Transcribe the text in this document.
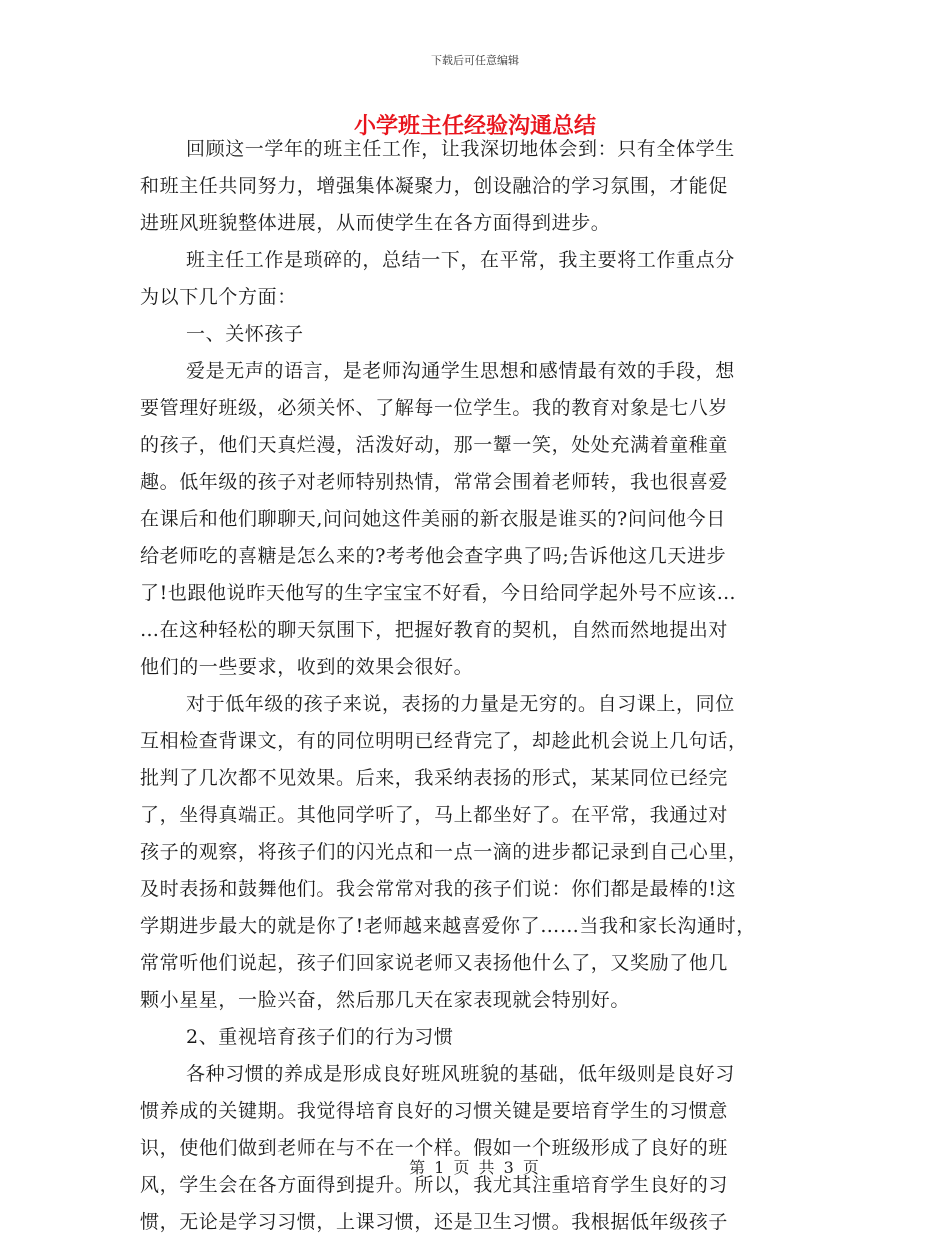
下载后可任意编辑
小学班主任经验沟通总结
回顾这一学年的班主任工作，让我深切地体会到：只有全体学生
和班主任共同努力，增强集体凝聚力，创设融洽的学习氛围，才能促
进班风班貌整体进展，从而使学生在各方面得到进步。
班主任工作是琐碎的，总结一下，在平常，我主要将工作重点分
为以下几个方面：
一、关怀孩子
爱是无声的语言，是老师沟通学生思想和感情最有效的手段，想
要管理好班级，必须关怀、了解每一位学生。我的教育对象是七八岁
的孩子，他们天真烂漫，活泼好动，那一颦一笑，处处充满着童稚童
趣。低年级的孩子对老师特别热情，常常会围着老师转，我也很喜爱
在课后和他们聊聊天,问问她这件美丽的新衣服是谁买的?问问他今日
给老师吃的喜糖是怎么来的?考考他会查字典了吗;告诉他这几天进步
了!也跟他说昨天他写的生字宝宝不好看，今日给同学起外号不应该…
…在这种轻松的聊天氛围下，把握好教育的契机，自然而然地提出对
他们的一些要求，收到的效果会很好。
对于低年级的孩子来说，表扬的力量是无穷的。自习课上，同位
互相检查背课文，有的同位明明已经背完了，却趁此机会说上几句话，
批判了几次都不见效果。后来，我采纳表扬的形式，某某同位已经完
了，坐得真端正。其他同学听了，马上都坐好了。在平常，我通过对
孩子的观察，将孩子们的闪光点和一点一滴的进步都记录到自己心里，
及时表扬和鼓舞他们。我会常常对我的孩子们说：你们都是最棒的!这
学期进步最大的就是你了!老师越来越喜爱你了……当我和家长沟通时，
常常听他们说起，孩子们回家说老师又表扬他什么了，又奖励了他几
颗小星星，一脸兴奋，然后那几天在家表现就会特别好。
2、重视培育孩子们的行为习惯
各种习惯的养成是形成良好班风班貌的基础，低年级则是良好习
惯养成的关键期。我觉得培育良好的习惯关键是要培育学生的习惯意
识，使他们做到老师在与不在一个样。假如一个班级形成了良好的班
风，学生会在各方面得到提升。所以，我尤其注重培育学生良好的习
惯，无论是学习习惯，上课习惯，还是卫生习惯。我根据低年级孩子
第 1 页 共 3 页
